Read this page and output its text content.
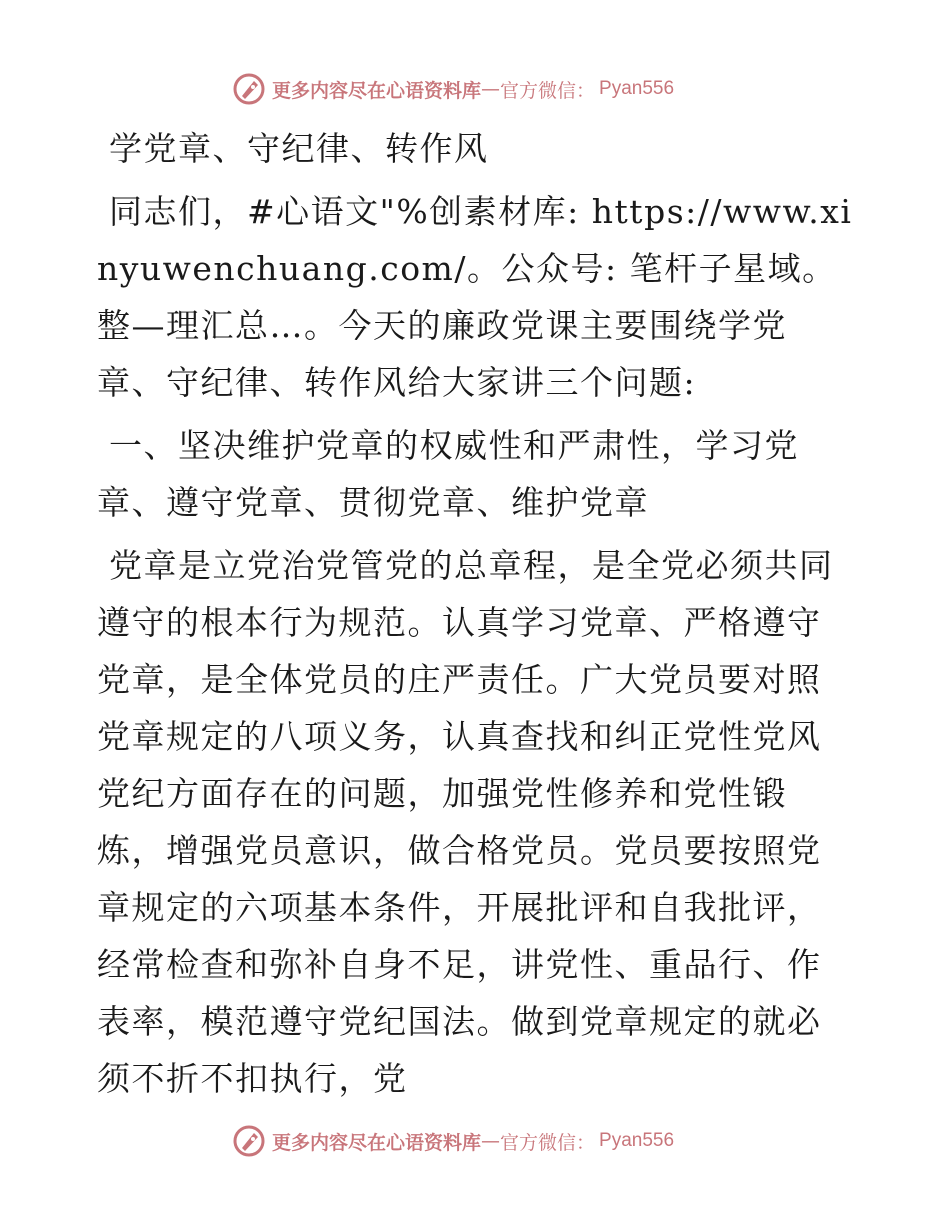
更多内容尽在心语资料库 — 官方微信： Pyan556

学党章、守纪律、转作风

同志们，#心语文"%创素材库: https://www.xinyuwenchuang.com/。公众号: 笔杆子星域。整—理汇总…。今天的廉政党课主要围绕学党章、守纪律、转作风给大家讲三个问题:

一、坚决维护党章的权威性和严肃性，学习党章、遵守党章、贯彻党章、维护党章

党章是立党治党管党的总章程，是全党必须共同遵守的根本行为规范。认真学习党章、严格遵守党章，是全体党员的庄严责任。广大党员要对照党章规定的八项义务，认真查找和纠正党性党风党纪方面存在的问题，加强党性修养和党性锻炼，增强党员意识，做合格党员。党员要按照党章规定的六项基本条件，开展批评和自我批评，经常检查和弥补自身不足，讲党性、重品行、作表率，模范遵守党纪国法。做到党章规定的就必须不折不扣执行，党

更多内容尽在心语资料库 — 官方微信： Pyan556
